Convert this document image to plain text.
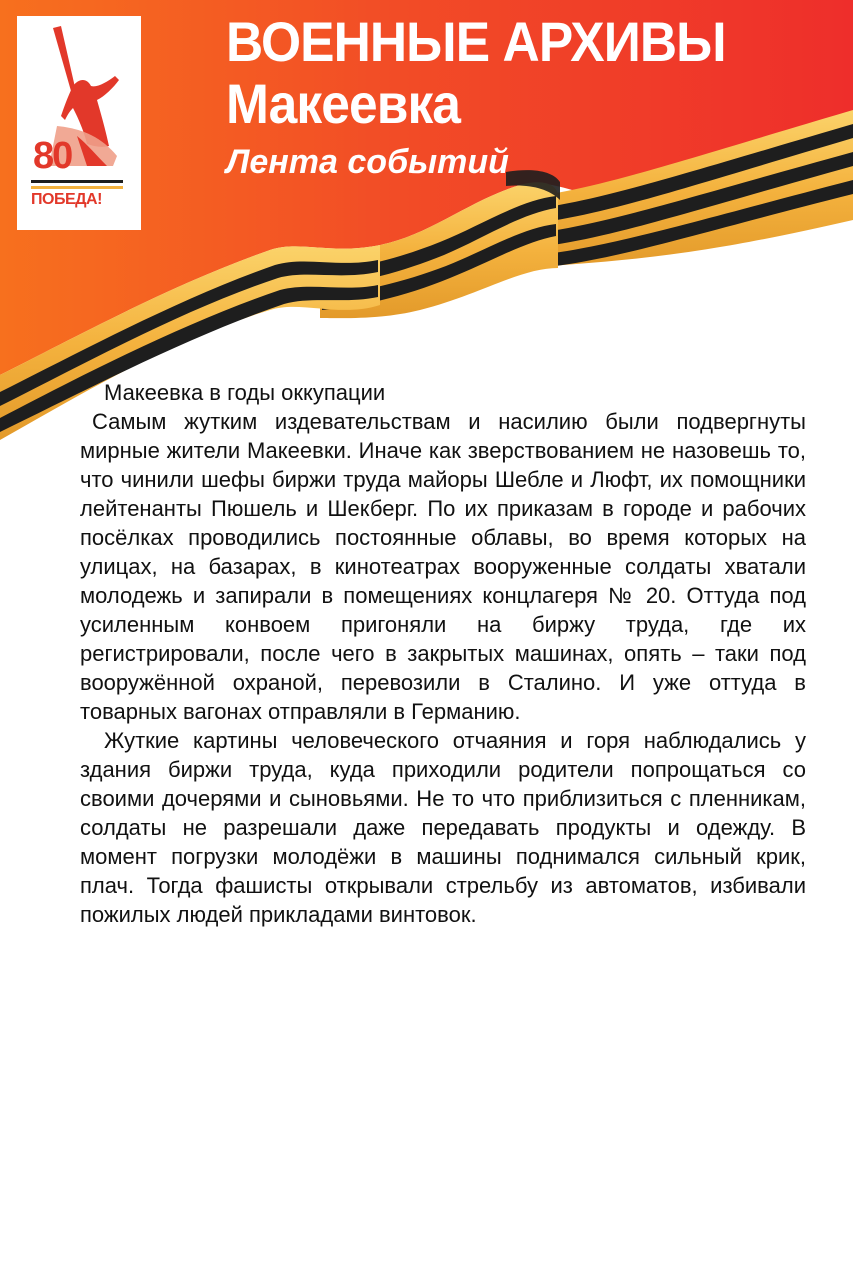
80
ПОБЕДА!
ВОЕННЫЕ АРХИВЫ
Макеевка
Лента событий
Макеевка в годы оккупации

Самым жутким издевательствам и насилию были подвергнуты мирные жители Макеевки. Иначе как зверствованием не назовешь то, что чинили шефы биржи труда майоры Шебле и Люфт, их помощники лейтенанты Пюшель и Шекберг. По их приказам в городе и рабочих посёлках проводились постоянные облавы, во время которых на улицах, на базарах, в кинотеатрах вооруженные солдаты хватали молодежь и запирали в помещениях концлагеря № 20. Оттуда под усиленным конвоем пригоняли на биржу труда, где их регистрировали, после чего в закрытых машинах, опять – таки под вооружённой охраной, перевозили в Сталино. И уже оттуда в товарных вагонах отправляли в Германию.

Жуткие картины человеческого отчаяния и горя наблюдались у здания биржи труда, куда приходили родители попрощаться со своими дочерями и сыновьями. Не то что приблизиться с пленникам, солдаты не разрешали даже передавать продукты и одежду. В момент погрузки молодёжи в машины поднимался сильный крик, плач. Тогда фашисты открывали стрельбу из автоматов, избивали пожилых людей прикладами винтовок.
